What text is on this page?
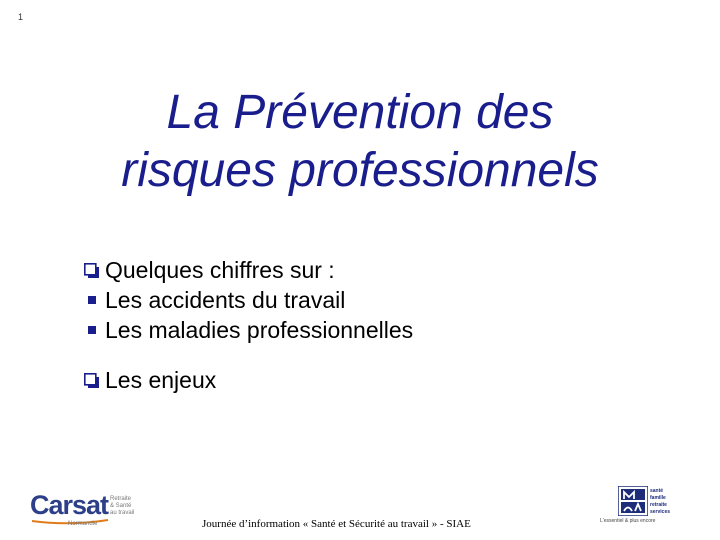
1
La Prévention des
risques professionnels
Quelques chiffres sur :
Les accidents du travail
Les maladies professionnelles
Les enjeux
Carsat Retraite
& Santé
au travail
Normandie	Journée d’information « Santé et Sécurité au travail » - SIAE
santé
famille
retraite
services
L'essentiel & plus encore
